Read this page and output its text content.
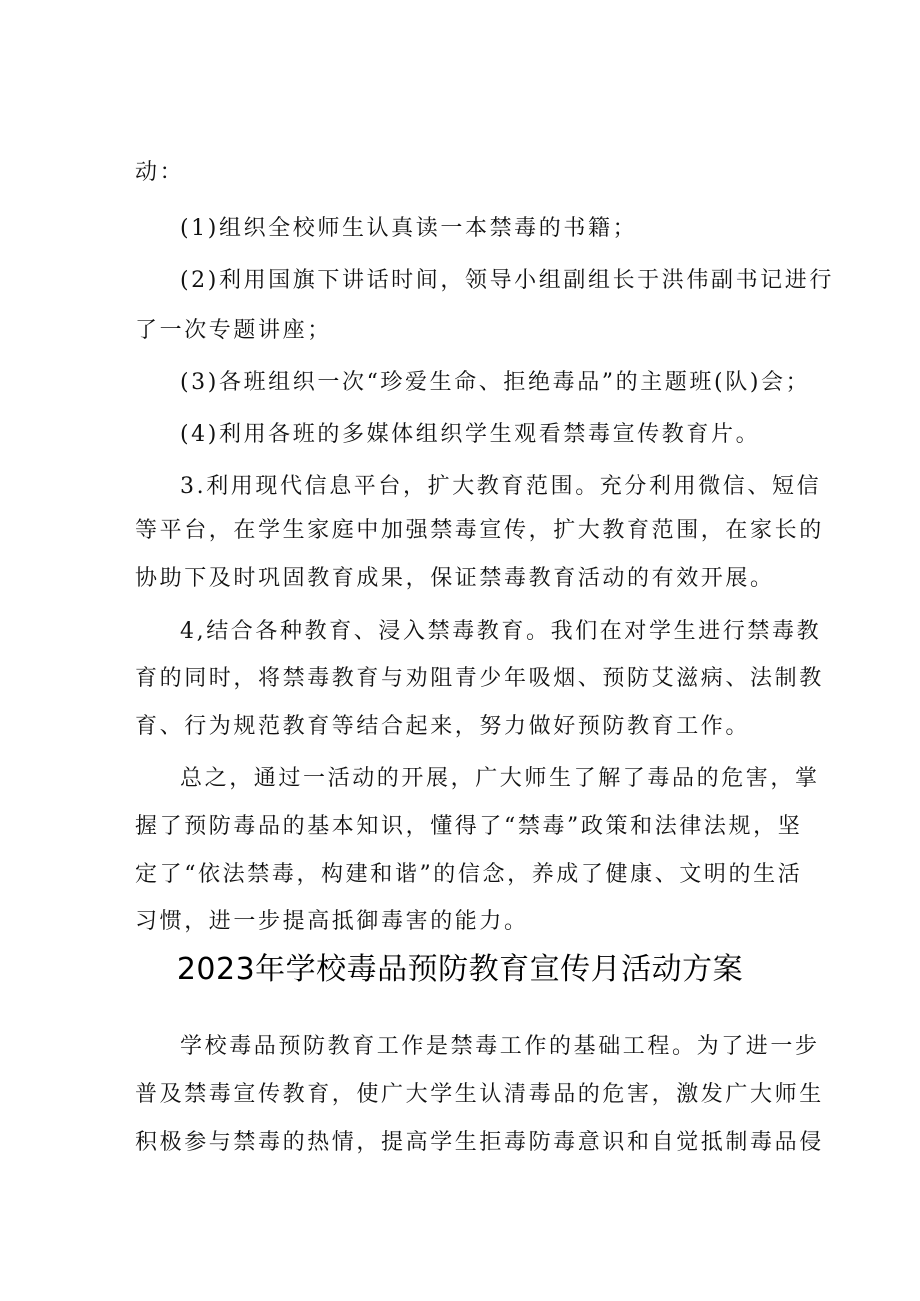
动：
(1)组织全校师生认真读一本禁毒的书籍；
(2)利用国旗下讲话时间，领导小组副组长于洪伟副书记进行
了一次专题讲座；
(3)各班组织一次“珍爱生命、拒绝毒品”的主题班(队)会；
(4)利用各班的多媒体组织学生观看禁毒宣传教育片。
3.利用现代信息平台，扩大教育范围。充分利用微信、短信
等平台，在学生家庭中加强禁毒宣传，扩大教育范围，在家长的
协助下及时巩固教育成果，保证禁毒教育活动的有效开展。
4,结合各种教育、浸入禁毒教育。我们在对学生进行禁毒教
育的同时，将禁毒教育与劝阻青少年吸烟、预防艾滋病、法制教
育、行为规范教育等结合起来，努力做好预防教育工作。
总之，通过一活动的开展，广大师生了解了毒品的危害，掌
握了预防毒品的基本知识，懂得了“禁毒”政策和法律法规，坚
定了“依法禁毒，构建和谐”的信念，养成了健康、文明的生活
习惯，进一步提高抵御毒害的能力。
2023年学校毒品预防教育宣传月活动方案
学校毒品预防教育工作是禁毒工作的基础工程。为了进一步
普及禁毒宣传教育，使广大学生认清毒品的危害，激发广大师生
积极参与禁毒的热情，提高学生拒毒防毒意识和自觉抵制毒品侵
